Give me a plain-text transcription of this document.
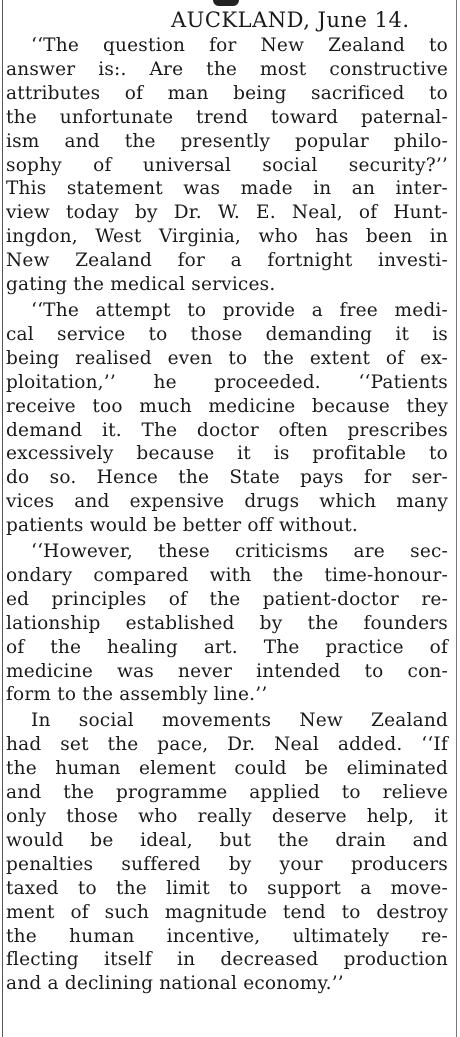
AUCKLAND, June 14.
‘‘The question for New Zealand to
answer is:. Are the most constructive
attributes of man being sacrificed to
the unfortunate trend toward paternal-
ism and the presently popular philo-
sophy of universal social security?’’
This statement was made in an inter-
view today by Dr. W. E. Neal, of Hunt-
ingdon, West Virginia, who has been in
New Zealand for a fortnight investi-
gating the medical services.
‘‘The attempt to provide a free medi-
cal service to those demanding it is
being realised even to the extent of ex-
ploitation,’’ he proceeded. ‘‘Patients
receive too much medicine because they
demand it. The doctor often prescribes
excessively because it is profitable to
do so. Hence the State pays for ser-
vices and expensive drugs which many
patients would be better off without.
‘‘However, these criticisms are sec-
ondary compared with the time-honour-
ed principles of the patient-doctor re-
lationship established by the founders
of the healing art. The practice of
medicine was never intended to con-
form to the assembly line.’’
In social movements New Zealand
had set the pace, Dr. Neal added. ‘‘If
the human element could be eliminated
and the programme applied to relieve
only those who really deserve help, it
would be ideal, but the drain and
penalties suffered by your producers
taxed to the limit to support a move-
ment of such magnitude tend to destroy
the human incentive, ultimately re-
flecting itself in decreased production
and a declining national economy.’’
